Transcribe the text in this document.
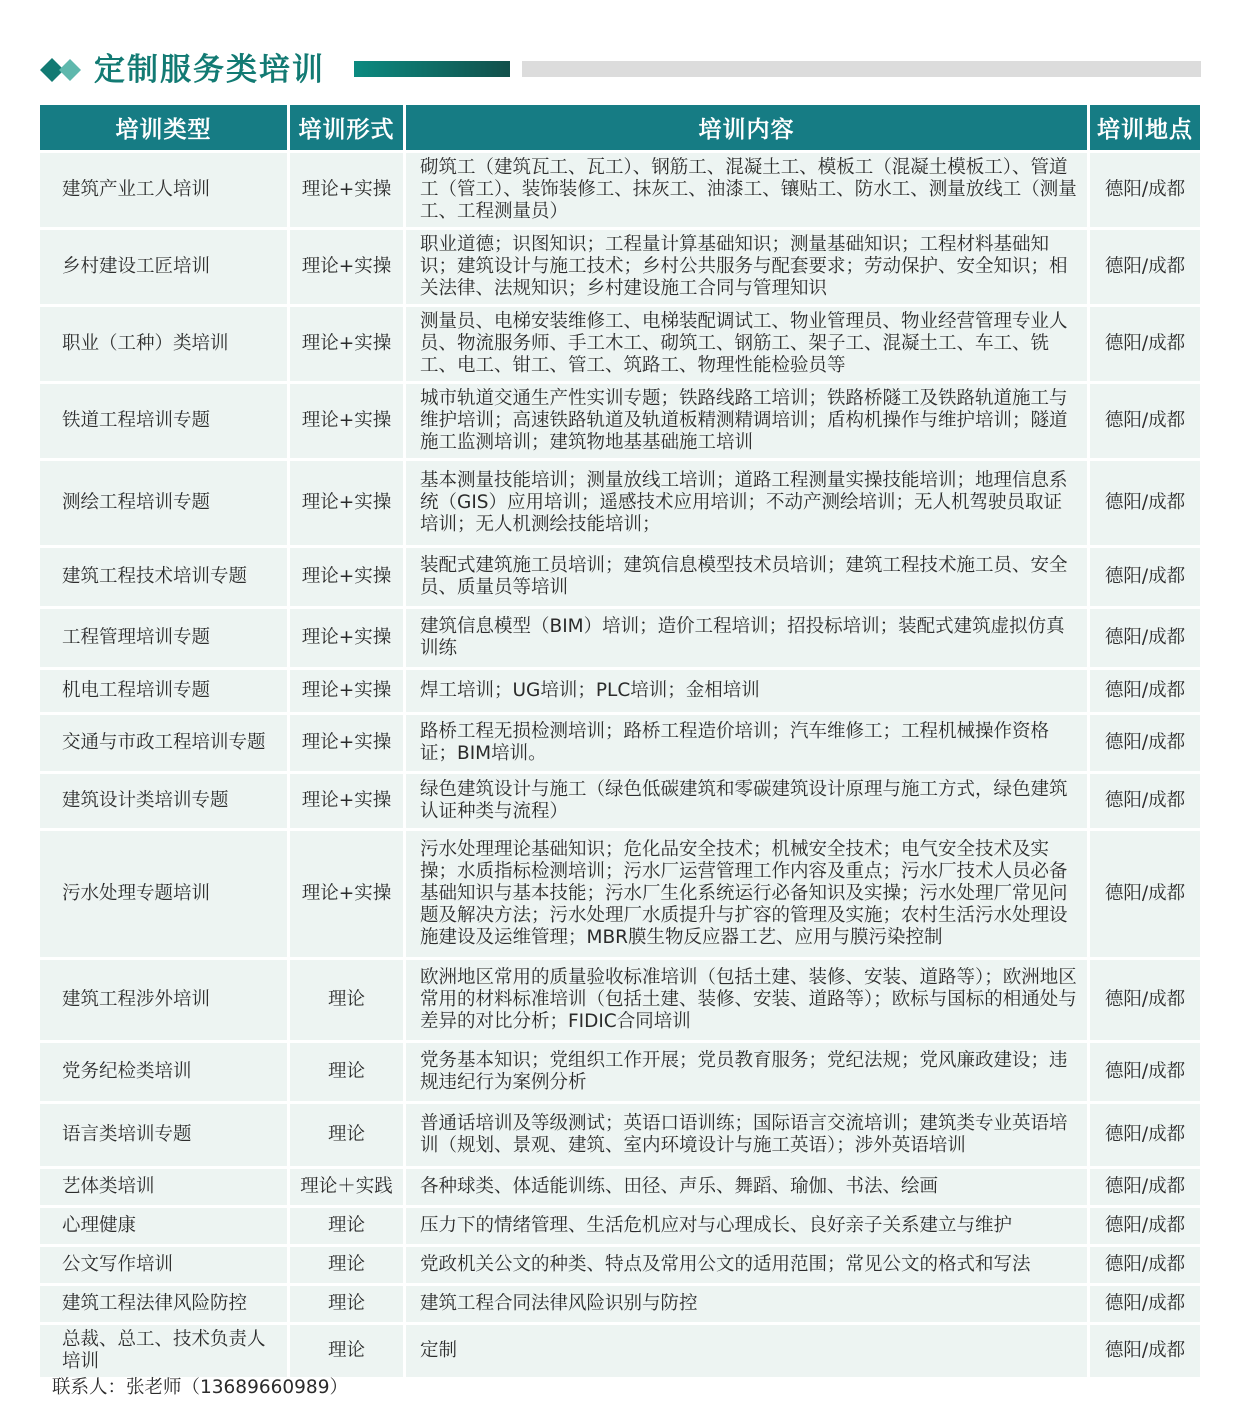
定制服务类培训
培训类型	培训形式	培训内容	培训地点
建筑产业工人培训	理论+实操	砌筑工（建筑瓦工、瓦工）、钢筋工、混凝土工、模板工（混凝土模板工）、管道工（管工）、装饰装修工、抹灰工、油漆工、镶贴工、防水工、测量放线工（测量工、工程测量员）	德阳/成都
乡村建设工匠培训	理论+实操	职业道德；识图知识；工程量计算基础知识；测量基础知识；工程材料基础知识；建筑设计与施工技术；乡村公共服务与配套要求；劳动保护、安全知识；相关法律、法规知识；乡村建设施工合同与管理知识	德阳/成都
职业（工种）类培训	理论+实操	测量员、电梯安装维修工、电梯装配调试工、物业管理员、物业经营管理专业人员、物流服务师、手工木工、砌筑工、钢筋工、架子工、混凝土工、车工、铣工、电工、钳工、管工、筑路工、物理性能检验员等	德阳/成都
铁道工程培训专题	理论+实操	城市轨道交通生产性实训专题；铁路线路工培训；铁路桥隧工及铁路轨道施工与维护培训；高速铁路轨道及轨道板精测精调培训；盾构机操作与维护培训；隧道施工监测培训；建筑物地基基础施工培训	德阳/成都
测绘工程培训专题	理论+实操	基本测量技能培训；测量放线工培训；道路工程测量实操技能培训；地理信息系统（GIS）应用培训；遥感技术应用培训；不动产测绘培训；无人机驾驶员取证培训；无人机测绘技能培训；	德阳/成都
建筑工程技术培训专题	理论+实操	装配式建筑施工员培训；建筑信息模型技术员培训；建筑工程技术施工员、安全员、质量员等培训	德阳/成都
工程管理培训专题	理论+实操	建筑信息模型（BIM）培训；造价工程培训；招投标培训；装配式建筑虚拟仿真训练	德阳/成都
机电工程培训专题	理论+实操	焊工培训；UG培训；PLC培训；金相培训	德阳/成都
交通与市政工程培训专题	理论+实操	路桥工程无损检测培训；路桥工程造价培训；汽车维修工；工程机械操作资格证；BIM培训。	德阳/成都
建筑设计类培训专题	理论+实操	绿色建筑设计与施工（绿色低碳建筑和零碳建筑设计原理与施工方式，绿色建筑认证种类与流程）	德阳/成都
污水处理专题培训	理论+实操	污水处理理论基础知识；危化品安全技术；机械安全技术；电气安全技术及实操；水质指标检测培训；污水厂运营管理工作内容及重点；污水厂技术人员必备基础知识与基本技能；污水厂生化系统运行必备知识及实操；污水处理厂常见问题及解决方法；污水处理厂水质提升与扩容的管理及实施；农村生活污水处理设施建设及运维管理；MBR膜生物反应器工艺、应用与膜污染控制	德阳/成都
建筑工程涉外培训	理论	欧洲地区常用的质量验收标准培训（包括土建、装修、安装、道路等）；欧洲地区常用的材料标准培训（包括土建、装修、安装、道路等）；欧标与国标的相通处与差异的对比分析；FIDIC合同培训	德阳/成都
党务纪检类培训	理论	党务基本知识；党组织工作开展；党员教育服务；党纪法规；党风廉政建设；违规违纪行为案例分析	德阳/成都
语言类培训专题	理论	普通话培训及等级测试；英语口语训练；国际语言交流培训；建筑类专业英语培训（规划、景观、建筑、室内环境设计与施工英语）；涉外英语培训	德阳/成都
艺体类培训	理论＋实践	各种球类、体适能训练、田径、声乐、舞蹈、瑜伽、书法、绘画	德阳/成都
心理健康	理论	压力下的情绪管理、生活危机应对与心理成长、良好亲子关系建立与维护	德阳/成都
公文写作培训	理论	党政机关公文的种类、特点及常用公文的适用范围；常见公文的格式和写法	德阳/成都
建筑工程法律风险防控	理论	建筑工程合同法律风险识别与防控	德阳/成都
总裁、总工、技术负责人培训	理论	定制	德阳/成都
联系人：张老师（13689660989）
